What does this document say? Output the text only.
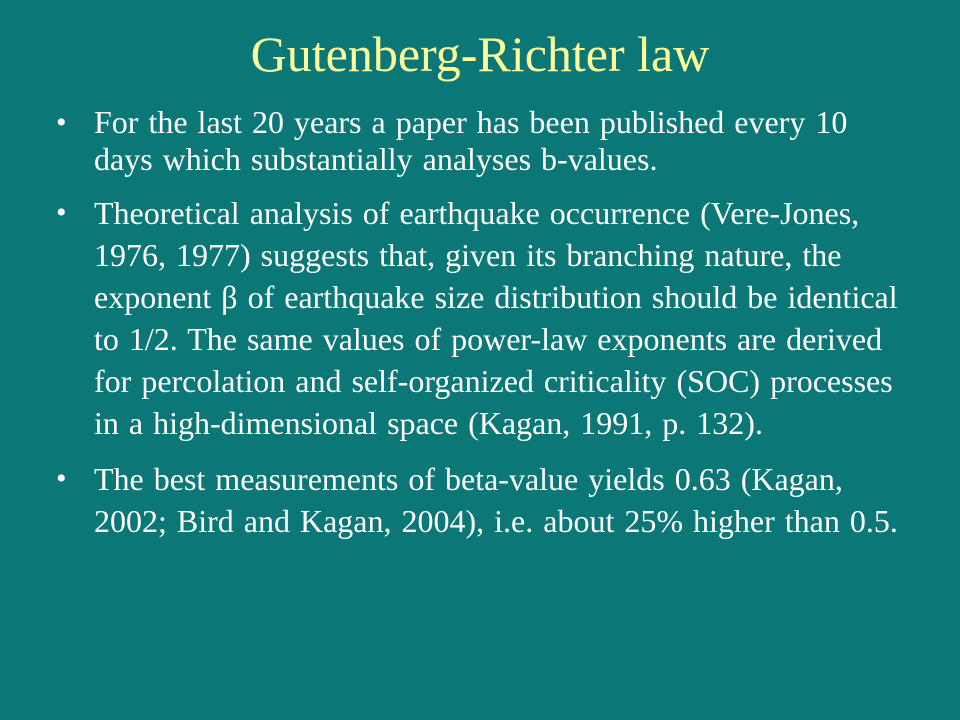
Gutenberg-Richter law
• For the last 20 years a paper has been published every 10 days which substantially analyses b-values.
• Theoretical analysis of earthquake occurrence (Vere-Jones, 1976, 1977) suggests that, given its branching nature, the exponent β of earthquake size distribution should be identical to 1/2. The same values of power-law exponents are derived for percolation and self-organized criticality (SOC) processes in a high-dimensional space (Kagan, 1991, p. 132).
• The best measurements of beta-value yields 0.63 (Kagan, 2002; Bird and Kagan, 2004), i.e. about 25% higher than 0.5.
